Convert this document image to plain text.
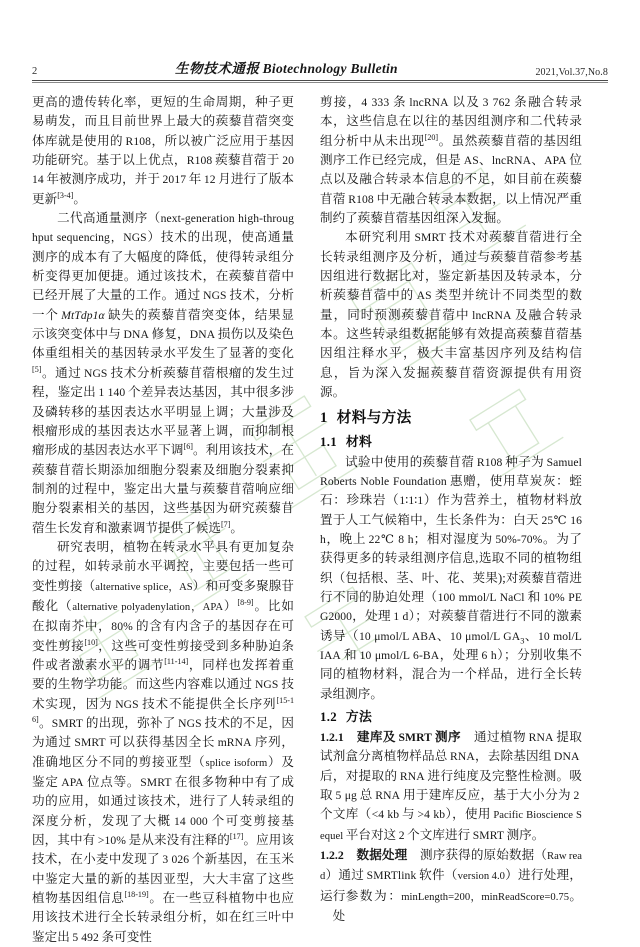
2	生物技术通报 Biotechnology Bulletin	2021,Vol.37,No.8

更高的遗传转化率，更短的生命周期，种子更易萌发，而且目前世界上最大的蒺藜苜蓿突变体库就是使用的 R108，所以被广泛应用于基因功能研究。基于以上优点，R108 蒺藜苜蓿于 2014 年被测序成功，并于 2017 年 12 月进行了版本更新[3-4]。

二代高通量测序（next-generation high-throughput sequencing，NGS）技术的出现，使高通量测序的成本有了大幅度的降低，使得转录组分析变得更加便捷。通过该技术，在蒺藜苜蓿中已经开展了大量的工作。通过 NGS 技术，分析一个 MtTdp1α 缺失的蒺藜苜蓿突变体，结果显示该突变体中与 DNA 修复，DNA 损伤以及染色体重组相关的基因转录水平发生了显著的变化[5]。通过 NGS 技术分析蒺藜苜蓿根瘤的发生过程，鉴定出 1 140 个差异表达基因，其中很多涉及磷转移的基因表达水平明显上调；大量涉及根瘤形成的基因表达水平显著上调，而抑制根瘤形成的基因表达水平下调[6]。利用该技术，在蒺藜苜蓿长期添加细胞分裂素及细胞分裂素抑制剂的过程中，鉴定出大量与蒺藜苜蓿响应细胞分裂素相关的基因，这些基因为研究蒺藜苜蓿生长发育和激素调节提供了候选[7]。

研究表明，植物在转录水平具有更加复杂的过程，如转录前水平调控，主要包括一些可变性剪接（alternative splice，AS）和可变多聚腺苷酸化（alternative polyadenylation，APA）[8-9]。比如在拟南芥中，80% 的含有内含子的基因存在可变性剪接[10]，这些可变性剪接受到多种胁迫条件或者激素水平的调节[11-14]，同样也发挥着重要的生物学功能。而这些内容难以通过 NGS 技术实现，因为 NGS 技术不能提供全长序列[15-16]。SMRT 的出现，弥补了 NGS 技术的不足，因为通过 SMRT 可以获得基因全长 mRNA 序列，准确地区分不同的剪接亚型（splice isoform）及鉴定 APA 位点等。SMRT 在很多物种中有了成功的应用，如通过该技术，进行了人转录组的深度分析，发现了大概 14 000 个可变剪接基因，其中有 >10% 是从来没有注释的[17]。应用该技术，在小麦中发现了 3 026 个新基因，在玉米中鉴定大量的新的基因亚型，大大丰富了这些植物基因组信息[18-19]。在一些豆科植物中也应用该技术进行全长转录组分析，如在红三叶中鉴定出 5 492 条可变性

剪接，4 333 条 lncRNA 以及 3 762 条融合转录本，这些信息在以往的基因组测序和二代转录组分析中从未出现[20]。虽然蒺藜苜蓿的基因组测序工作已经完成，但是 AS、lncRNA、APA 位点以及融合转录本信息的不足，如目前在蒺藜苜蓿 R108 中无融合转录本数据，以上情况严重制约了蒺藜苜蓿基因组深入发掘。

本研究利用 SMRT 技术对蒺藜苜蓿进行全长转录组测序及分析，通过与蒺藜苜蓿参考基因组进行数据比对，鉴定新基因及转录本，分析蒺藜苜蓿中的 AS 类型并统计不同类型的数量，同时预测蒺藜苜蓿中 lncRNA 及融合转录本。这些转录组数据能够有效提高蒺藜苜蓿基因组注释水平，极大丰富基因序列及结构信息，旨为深入发掘蒺藜苜蓿资源提供有用资源。

1 材料与方法
1.1 材料

试验中使用的蒺藜苜蓿 R108 种子为 Samuel Roberts Noble Foundation 惠赠，使用草炭灰：蛭石：珍珠岩（1∶1∶1）作为营养土，植物材料放置于人工气候箱中，生长条件为：白天 25℃ 16 h，晚上 22℃ 8 h；相对湿度为 50%-70%。为了获得更多的转录组测序信息,选取不同的植物组织（包括根、茎、叶、花、荚果);对蒺藜苜蓿进行不同的胁迫处理（100 mmol/L NaCl 和 10% PEG2000，处理 1 d）；对蒺藜苜蓿进行不同的激素诱导（10 μmol/L ABA、10 μmol/L $GA_3$、10 mol/L IAA 和 10 μmol/L 6-BA，处理 6 h）；分别收集不同的植物材料，混合为一个样品，进行全长转录组测序。

1.2 方法

1.2.1  建库及 SMRT 测序 通过植物 RNA 提取试剂盒分离植物样品总 RNA，去除基因组 DNA 后，对提取的 RNA 进行纯度及完整性检测。吸取 5 μg 总 RNA 用于建库反应，基于大小分为 2 个文库（<4 kb 与 >4 kb），使用 Pacific Bioscience Sequel 平台对这 2 个文库进行 SMRT 测序。

1.2.2  数据处理 测序获得的原始数据（Raw read）通过 SMRTlink 软件（version 4.0）进行处理，运行参 数 为 ：minLength=200，minReadScore=0.75。 处
